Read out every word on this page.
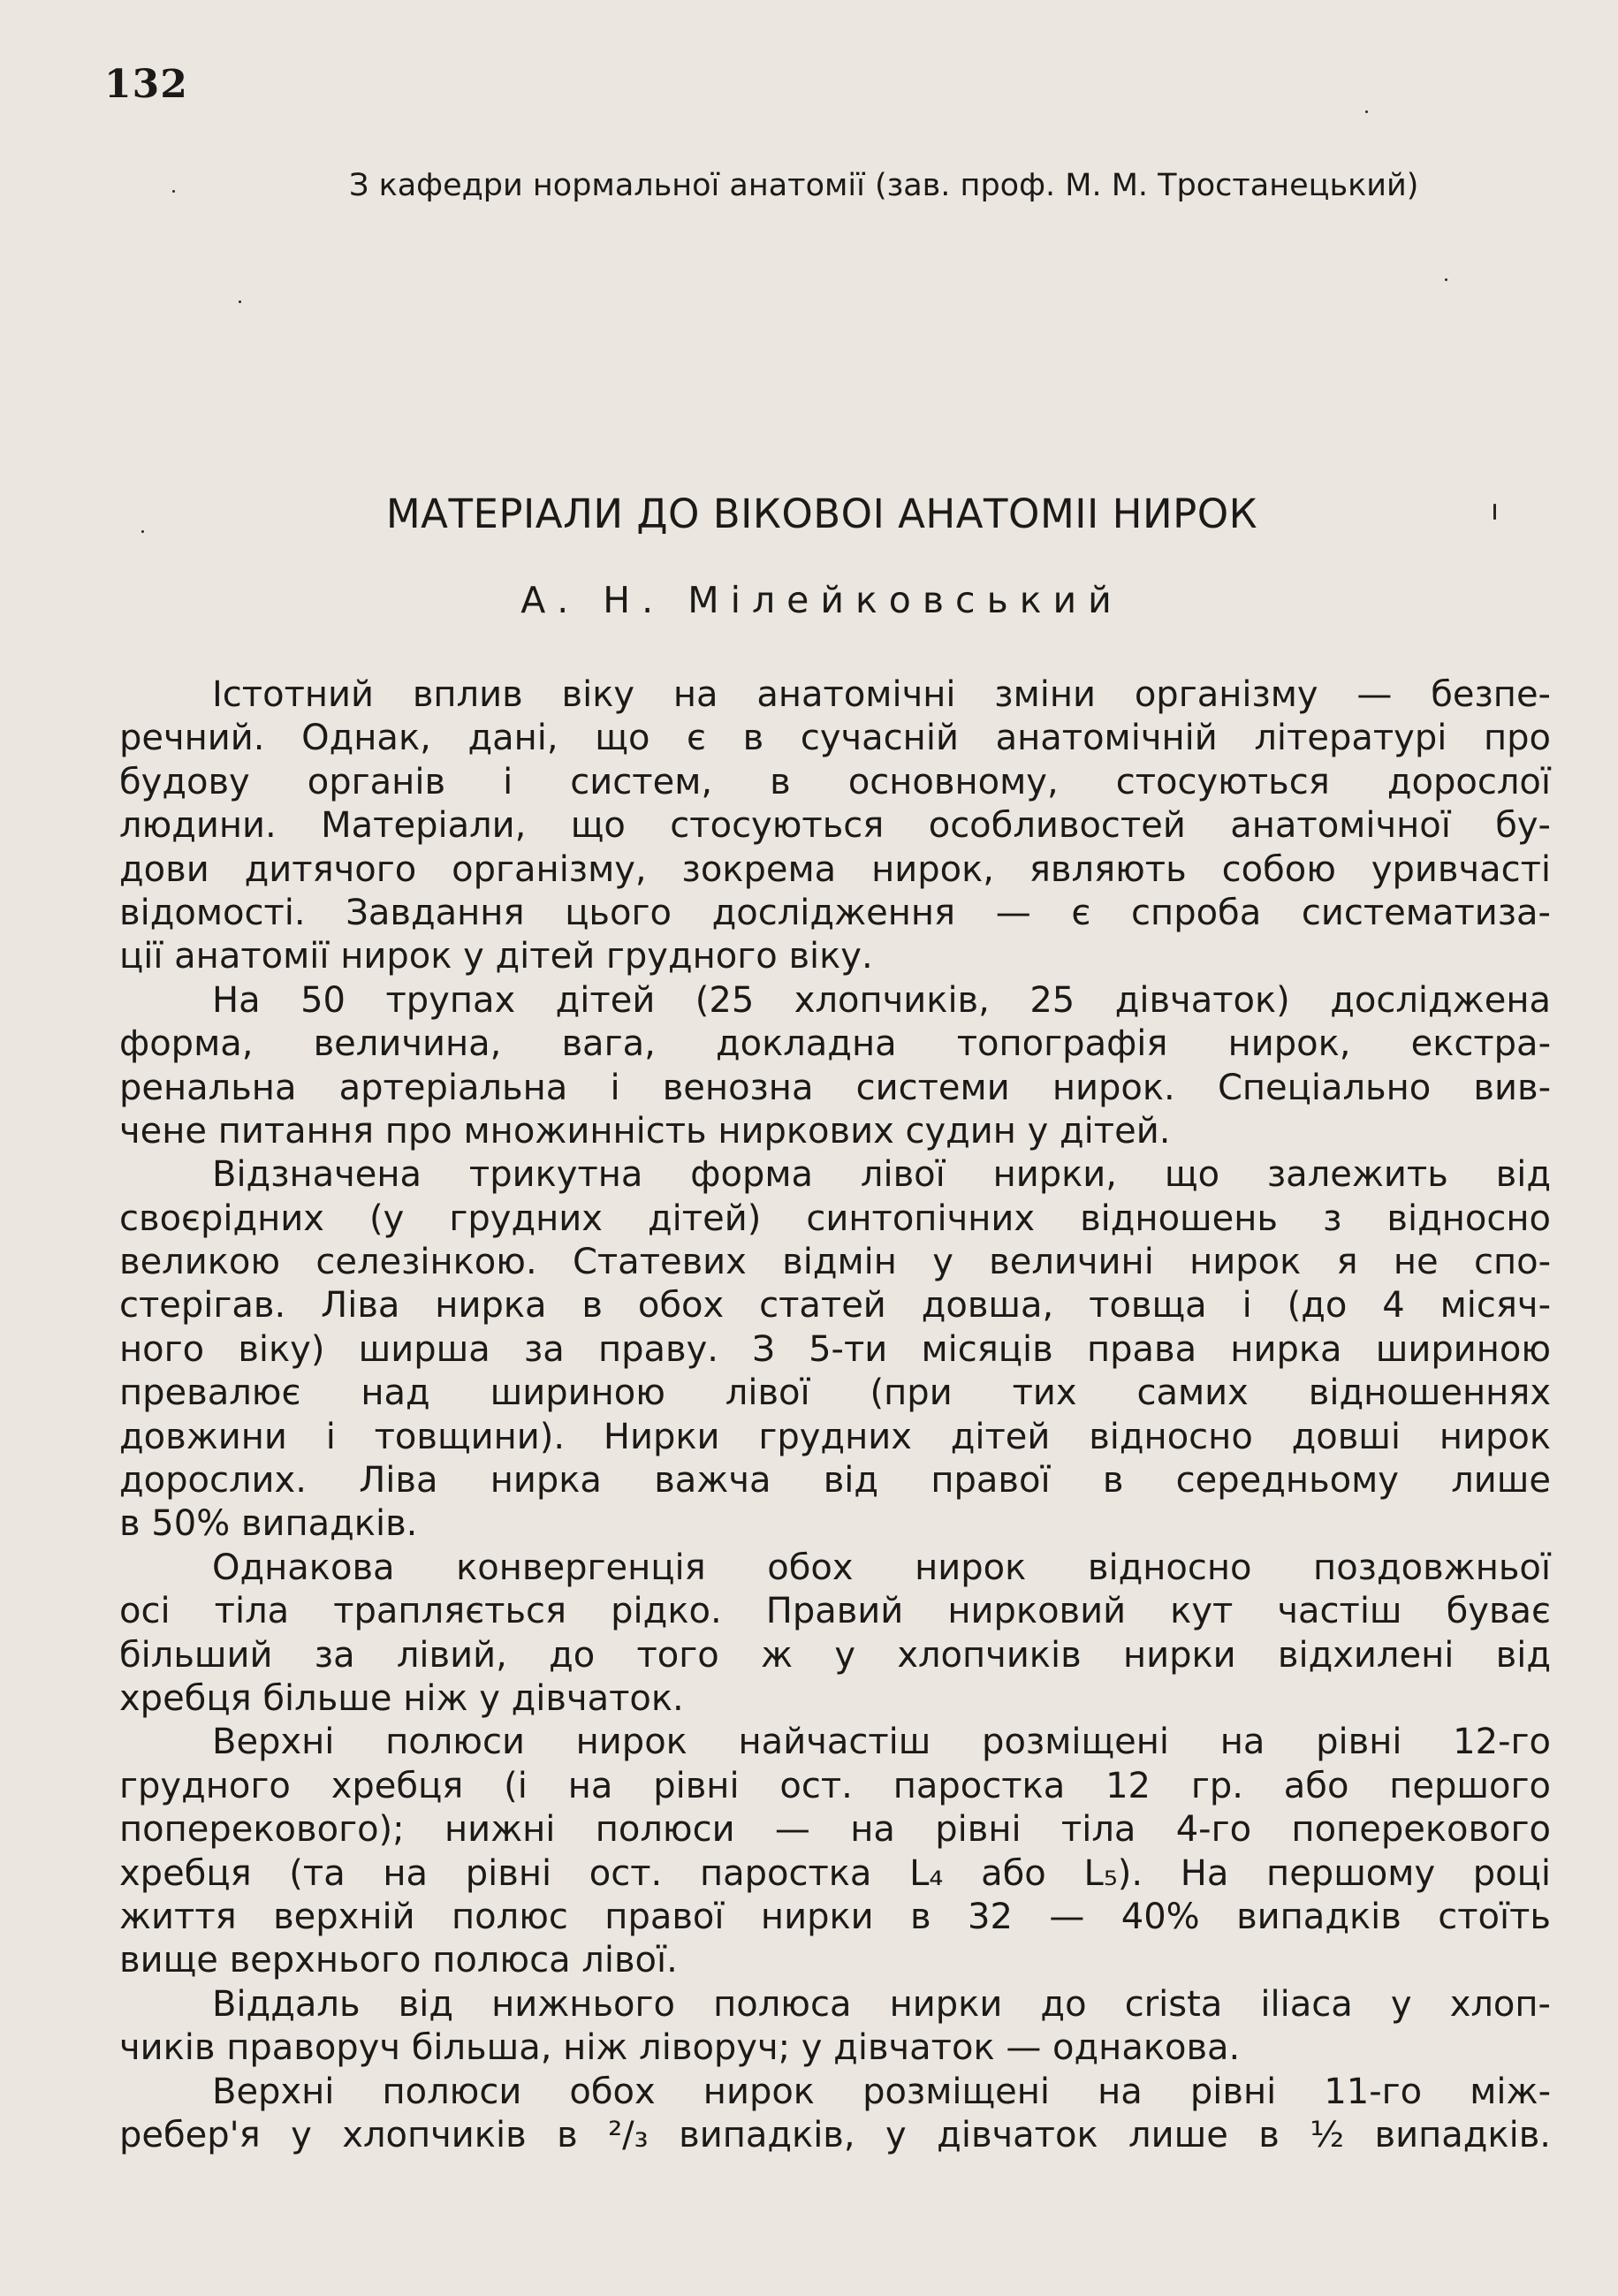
132
З кафедри нормальної анатомії (зав. проф. М. М. Тростанецький)
МАТЕРІАЛИ ДО ВІКОВОІ АНАТОМІІ НИРОК
А. Н. Мілейковський
Істотний вплив віку на анатомічні зміни організму — безпе-
речний. Однак, дані, що є в сучасній анатомічній літературі про
будову органів і систем, в основному, стосуються дорослої
людини. Матеріали, що стосуються особливостей анатомічної бу-
дови дитячого організму, зокрема нирок, являють собою уривчасті
відомості. Завдання цього дослідження — є спроба систематиза-
ції анатомії нирок у дітей грудного віку.
На 50 трупах дітей (25 хлопчиків, 25 дівчаток) досліджена
форма, величина, вага, докладна топографія нирок, екстра-
ренальна артеріальна і венозна системи нирок. Спеціально вив-
чене питання про множинність ниркових судин у дітей.
Відзначена трикутна форма лівої нирки, що залежить від
своєрідних (у грудних дітей) синтопічних відношень з відносно
великою селезінкою. Статевих відмін у величині нирок я не спо-
стерігав. Ліва нирка в обох статей довша, товща і (до 4 місяч-
ного віку) ширша за праву. З 5-ти місяців права нирка шириною
превалює над шириною лівої (при тих самих відношеннях
довжини і товщини). Нирки грудних дітей відносно довші нирок
дорослих. Ліва нирка важча від правої в середньому лише
в 50% випадків.
Однакова конвергенція обох нирок відносно поздовжньої
осі тіла трапляється рідко. Правий нирковий кут частіш буває
більший за лівий, до того ж у хлопчиків нирки відхилені від
хребця більше ніж у дівчаток.
Верхні полюси нирок найчастіш розміщені на рівні 12-го
грудного хребця (і на рівні ост. паростка 12 гр. або першого
поперекового); нижні полюси — на рівні тіла 4-го поперекового
хребця (та на рівні ост. паростка L₄ або L₅). На першому році
життя верхній полюс правої нирки в 32 — 40% випадків стоїть
вище верхнього полюса лівої.
Віддаль від нижнього полюса нирки до crista iliaca у хлоп-
чиків праворуч більша, ніж ліворуч; у дівчаток — однакова.
Верхні полюси обох нирок розміщені на рівні 11-го між-
ребер'я у хлопчиків в ²/₃ випадків, у дівчаток лише в ½ випадків.
